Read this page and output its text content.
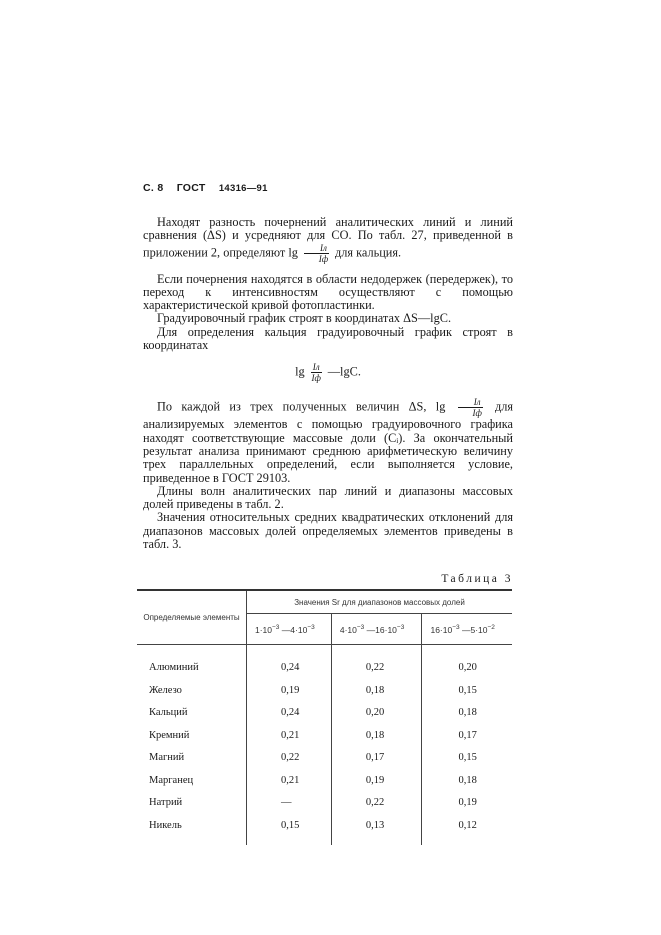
С. 8 ГОСТ 14316—91

Находят разность почернений аналитических линий и линий сравнения (ΔS) и усредняют для СО. По табл. 27, приведенной в приложении 2, определяют $\lg \frac{Iл}{Iф}$ для кальция.

Если почернения находятся в области недодержек (передержек), то переход к интенсивностям осуществляют с помощью характеристической кривой фотопластинки.

Градуировочный график строят в координатах ΔS—lgC.

Для определения кальция градуировочный график строят в координатах

$\lg \frac{Iл}{Iф}$ —lgC.

По каждой из трех полученных величин ΔS, $\lg \frac{Iл}{Iф}$ для анализируемых элементов с помощью градуировочного графика находят соответствующие массовые доли (Cᵢ). За окончательный результат анализа принимают среднюю арифметическую величину трех параллельных определений, если выполняется условие, приведенное в ГОСТ 29103.

Длины волн аналитических пар линий и диапазоны массовых долей приведены в табл. 2.

Значения относительных средних квадратических отклонений для диапазонов массовых долей определяемых элементов приведены в табл. 3.

Таблица 3
Определяемые элементы	Значения Sr для диапазонов массовых долей		
	$1\cdot 10^{-3}$ $—4\cdot 10^{-3}$	$4\cdot 10^{-3}$ $—16\cdot 10^{-3}$	$16\cdot 10^{-3}$ $—5\cdot 10^{-2}$
Алюминий	0,24	0,22	0,20
Железо	0,19	0,18	0,15
Кальций	0,24	0,20	0,18
Кремний	0,21	0,18	0,17
Магний	0,22	0,17	0,15
Марганец	0,21	0,19	0,18
Натрий	—	0,22	0,19
Никель	0,15	0,13	0,12
